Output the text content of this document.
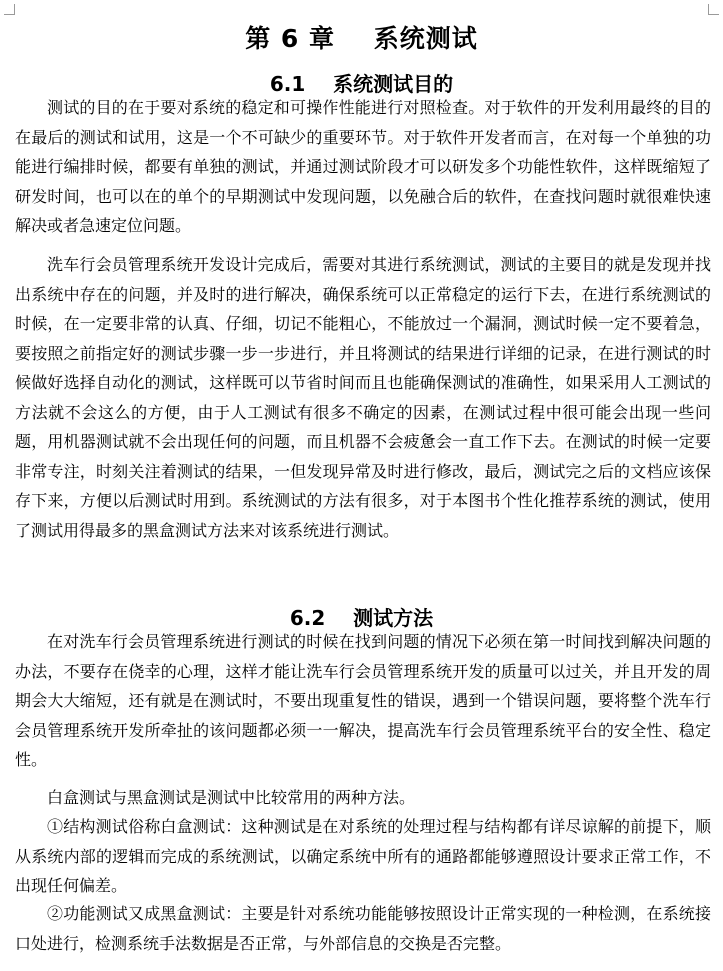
第 6 章    系统测试
6.1    系统测试目的

测试的目的在于要对系统的稳定和可操作性能进行对照检查。对于软件的开发利用最终的目的在最后的测试和试用，这是一个不可缺少的重要环节。对于软件开发者而言，在对每一个单独的功能进行编排时候，都要有单独的测试，并通过测试阶段才可以研发多个功能性软件，这样既缩短了研发时间，也可以在的单个的早期测试中发现问题，以免融合后的软件，在查找问题时就很难快速解决或者急速定位问题。

洗车行会员管理系统开发设计完成后，需要对其进行系统测试，测试的主要目的就是发现并找出系统中存在的问题，并及时的进行解决，确保系统可以正常稳定的运行下去，在进行系统测试的时候，在一定要非常的认真、仔细，切记不能粗心，不能放过一个漏洞，测试时候一定不要着急，要按照之前指定好的测试步骤一步一步进行，并且将测试的结果进行详细的记录，在进行测试的时候做好选择自动化的测试，这样既可以节省时间而且也能确保测试的准确性，如果采用人工测试的方法就不会这么的方便，由于人工测试有很多不确定的因素，在测试过程中很可能会出现一些问题，用机器测试就不会出现任何的问题，而且机器不会疲惫会一直工作下去。在测试的时候一定要非常专注，时刻关注着测试的结果，一但发现异常及时进行修改，最后，测试完之后的文档应该保存下来，方便以后测试时用到。系统测试的方法有很多，对于本图书个性化推荐系统的测试，使用了测试用得最多的黑盒测试方法来对该系统进行测试。

6.2    测试方法

在对洗车行会员管理系统进行测试的时候在找到问题的情况下必须在第一时间找到解决问题的办法，不要存在侥幸的心理，这样才能让洗车行会员管理系统开发的质量可以过关，并且开发的周期会大大缩短，还有就是在测试时，不要出现重复性的错误，遇到一个错误问题，要将整个洗车行会员管理系统开发所牵扯的该问题都必须一一解决，提高洗车行会员管理系统平台的安全性、稳定性。

白盒测试与黑盒测试是测试中比较常用的两种方法。

①结构测试俗称白盒测试：这种测试是在对系统的处理过程与结构都有详尽谅解的前提下，顺从系统内部的逻辑而完成的系统测试，以确定系统中所有的通路都能够遵照设计要求正常工作，不出现任何偏差。

②功能测试又成黑盒测试：主要是针对系统功能能够按照设计正常实现的一种检测，在系统接口处进行，检测系统手法数据是否正常，与外部信息的交换是否完整。
